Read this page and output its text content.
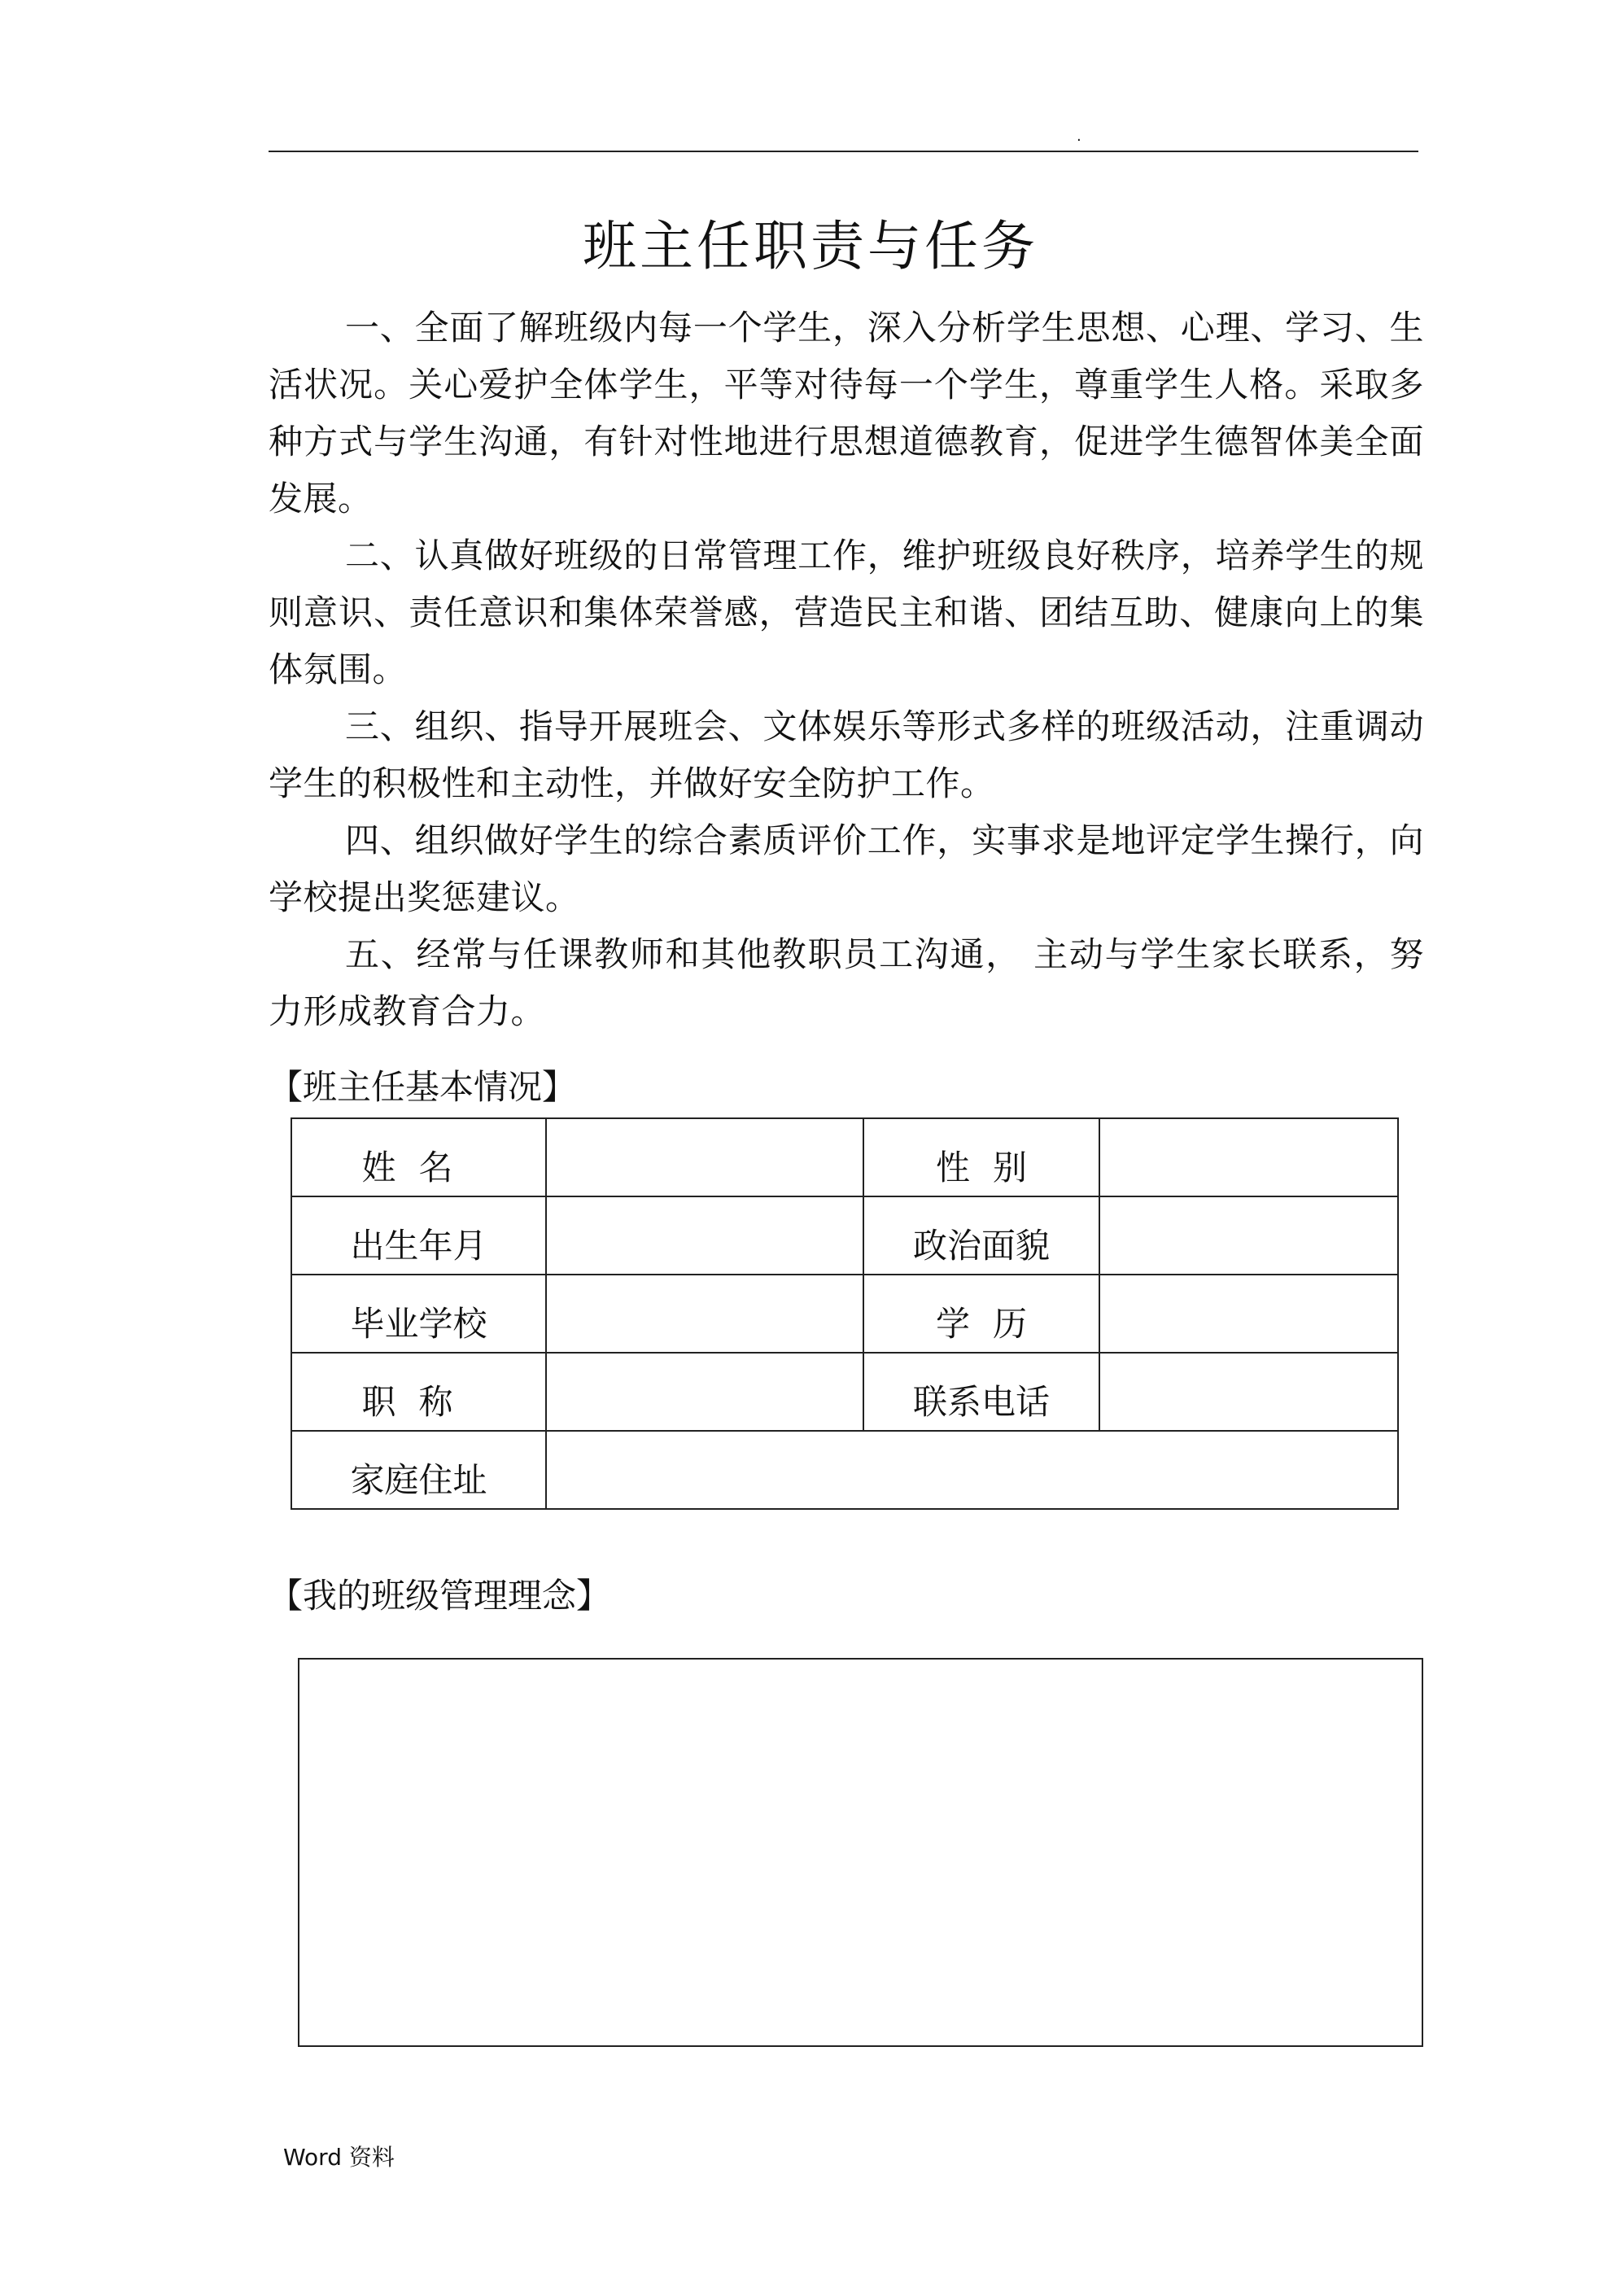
.
班主任职责与任务

一、全面了解班级内每一个学生，深入分析学生思想、心理、学习、生活状况。关心爱护全体学生，平等对待每一个学生，尊重学生人格。采取多种方式与学生沟通，有针对性地进行思想道德教育，促进学生德智体美全面发展。

二、认真做好班级的日常管理工作，维护班级良好秩序，培养学生的规则意识、责任意识和集体荣誉感，营造民主和谐、团结互助、健康向上的集体氛围。

三、组织、指导开展班会、文体娱乐等形式多样的班级活动，注重调动学生的积极性和主动性，并做好安全防护工作。

四、组织做好学生的综合素质评价工作，实事求是地评定学生操行，向学校提出奖惩建议。

五、经常与任课教师和其他教职员工沟通， 主动与学生家长联系，努力形成教育合力。

【班主任基本情况】
姓名		性别	
出生年月		政治面貌	
毕业学校		学历	
职称		联系电话	
家庭住址			
【我的班级管理理念】
Word 资料
